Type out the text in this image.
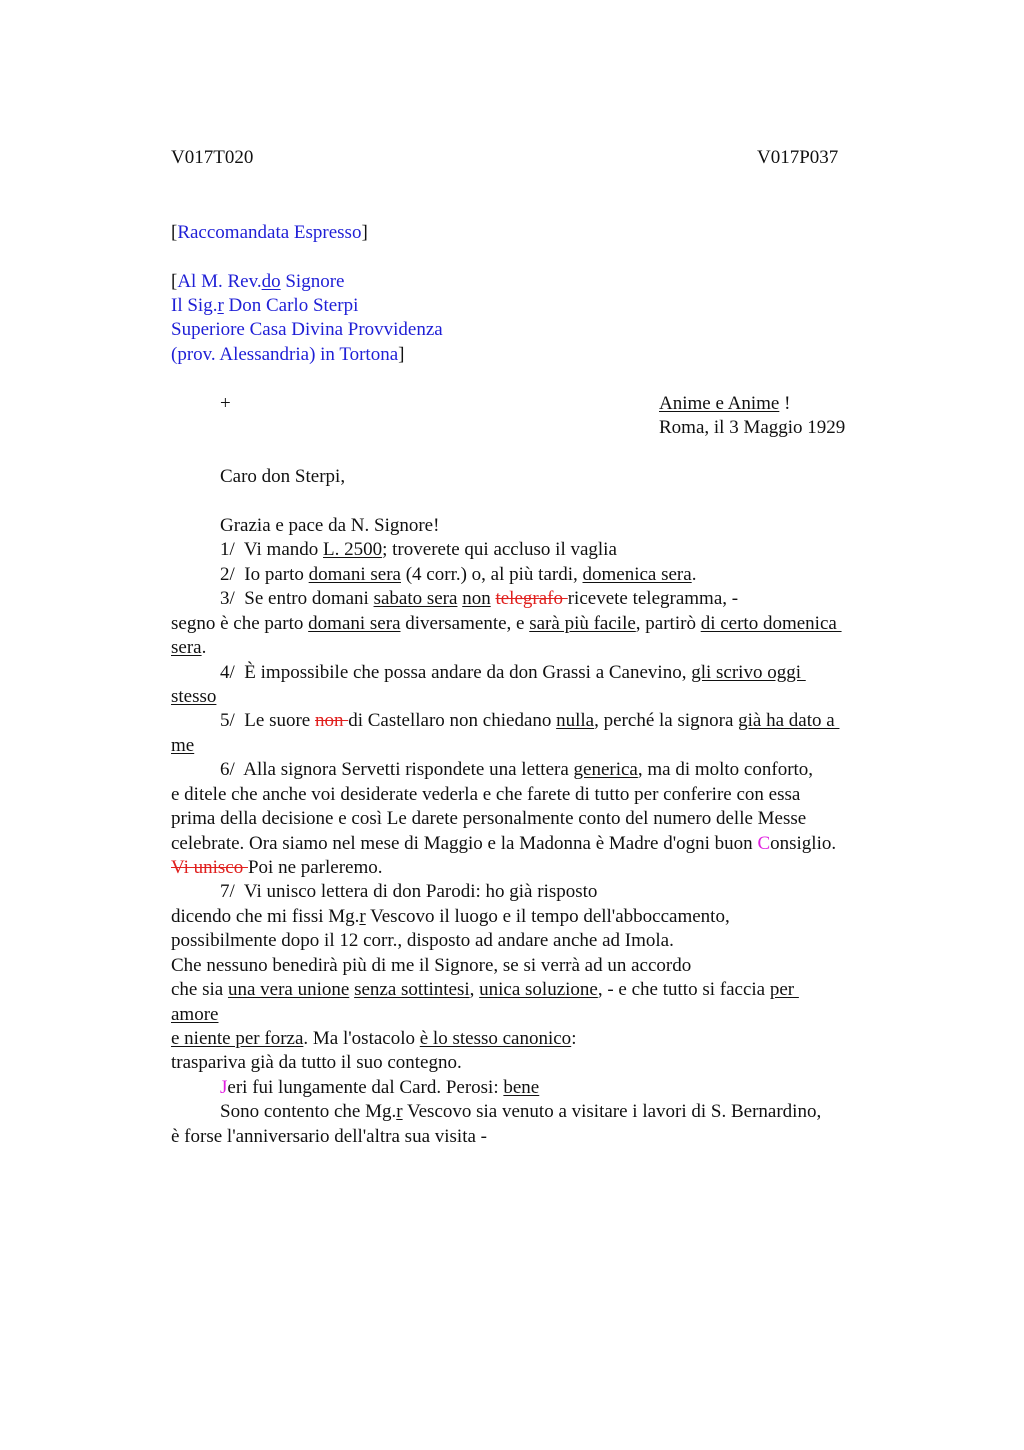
V017T020	V017P037
[Raccomandata Espresso]
[Al M. Rev.do Signore
Il Sig.r Don Carlo Sterpi
Superiore Casa Divina Provvidenza
(prov. Alessandria) in Tortona]
+	Anime e Anime !
Roma, il 3 Maggio 1929
Caro don Sterpi,
Grazia e pace da N. Signore!
1/  Vi mando L. 2500; troverete qui accluso il vaglia
2/  Io parto domani sera (4 corr.) o, al più tardi, domenica sera.
3/  Se entro domani sabato sera non telegrafo ricevete telegramma, -
segno è che parto domani sera diversamente, e sarà più facile, partirò di certo domenica
sera.
4/  È impossibile che possa andare da don Grassi a Canevino, gli scrivo oggi
stesso
5/  Le suore non di Castellaro non chiedano nulla, perché la signora già ha dato a
me
6/  Alla signora Servetti rispondete una lettera generica, ma di molto conforto,
e ditele che anche voi desiderate vederla e che farete di tutto per conferire con essa
prima della decisione e così Le darete personalmente conto del numero delle Messe
celebrate. Ora siamo nel mese di Maggio e la Madonna è Madre d'ogni buon Consiglio.
Vi unisco Poi ne parleremo.
7/  Vi unisco lettera di don Parodi: ho già risposto
dicendo che mi fissi Mg.r Vescovo il luogo e il tempo dell'abboccamento,
possibilmente dopo il 12 corr., disposto ad andare anche ad Imola.
Che nessuno benedirà più di me il Signore, se si verrà ad un accordo
che sia una vera unione senza sottintesi, unica soluzione, - e che tutto si faccia per
amore
e niente per forza. Ma l'ostacolo è lo stesso canonico:
traspariva già da tutto il suo contegno.
Jeri fui lungamente dal Card. Perosi: bene
Sono contento che Mg.r Vescovo sia venuto a visitare i lavori di S. Bernardino,
è forse l'anniversario dell'altra sua visita -
